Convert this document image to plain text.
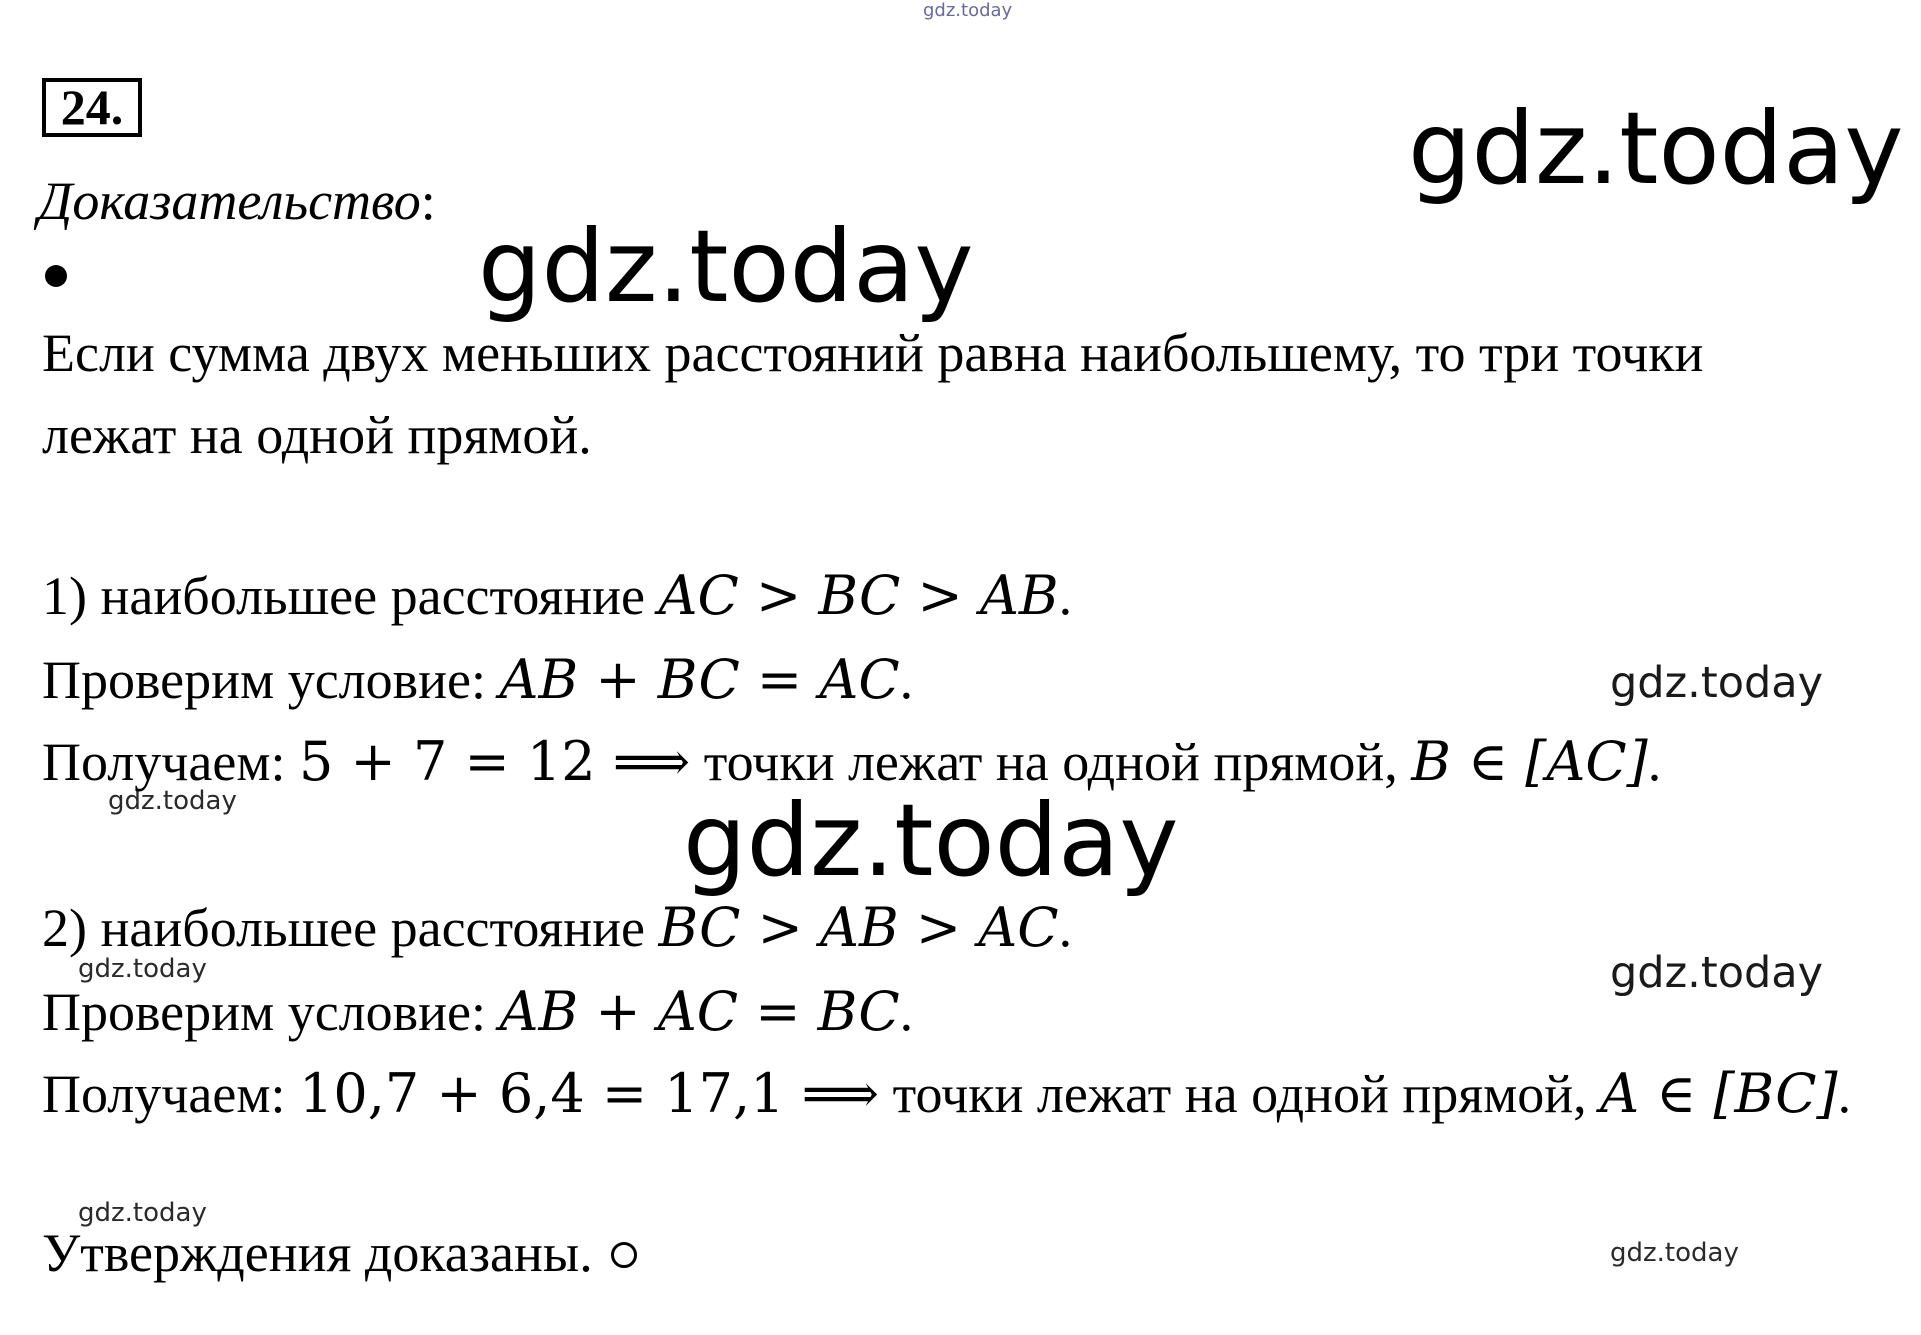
gdz.today
gdz.today
gdz.today
gdz.today
gdz.today	gdz.today
gdz.today	gdz.today
gdz.today
gdz.today
24.
Доказательство:
Если сумма двух меньших расстояний равна наибольшему, то три точки
лежат на одной прямой.
1) наибольшее расстояние AC > BC > AB.
Проверим условие: AB + BC = AC.
Получаем: 5 + 7 = 12 ⟹ точки лежат на одной прямой, B ∈ [AC].
2) наибольшее расстояние BC > AB > AC.
Проверим условие: AB + AC = BC.
Получаем: 10,7 + 6,4 = 17,1 ⟹ точки лежат на одной прямой, A ∈ [BC].
Утверждения доказаны.
